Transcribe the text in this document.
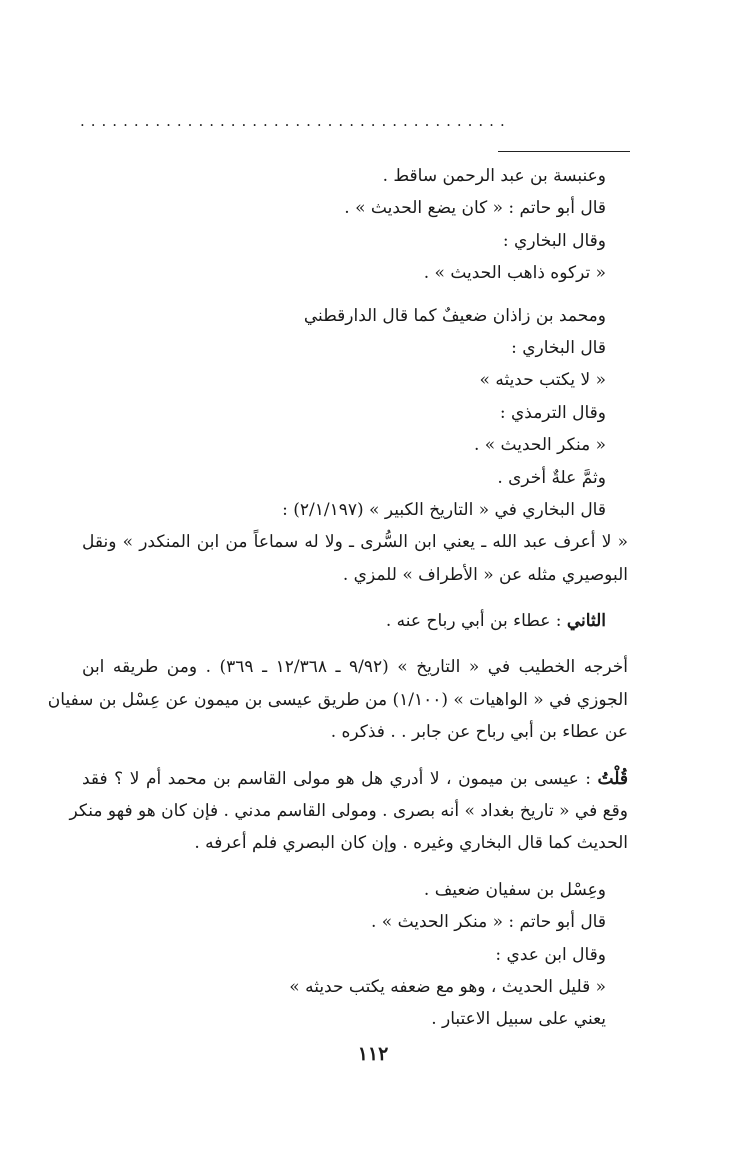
........................................
وعنبسة بن عبد الرحمن ساقط .
قال أبو حاتم : « كان يضع الحديث » .
وقال البخاري :
« تركوه ذاهب الحديث » .
ومحمد بن زاذان ضعيفٌ كما قال الدارقطني
قال البخاري :
« لا يكتب حديثه »
وقال الترمذي :
« منكر الحديث » .
وثمَّ علةٌ أخرى .
قال البخاري في « التاريخ الكبير » (٢/١/١٩٧) :
« لا أعرف عبد الله ـ يعني ابن السُّرى ـ ولا له سماعاً من ابن المنكدر » ونقل
البوصيري مثله عن « الأطراف » للمزي .
الثاني : عطاء بن أبي رباح عنه .
أخرجه الخطيب في « التاريخ » (٩/٩٢ ـ ١٢/٣٦٨ ـ ٣٦٩) . ومن طريقه ابن
الجوزي في « الواهيات » (١/١٠٠) من طريق عيسى بن ميمون عن عِسْل بن سفيان
عن عطاء بن أبي رباح عن جابر . . فذكره .
قُلْتُ : عيسى بن ميمون ، لا أدري هل هو مولى القاسم بن محمد أم لا ؟ فقد
وقع في « تاريخ بغداد » أنه بصرى . ومولى القاسم مدني . فإن كان هو فهو منكر
الحديث كما قال البخاري وغيره . وإن كان البصري فلم أعرفه .
وعِسْل بن سفيان ضعيف .
قال أبو حاتم : « منكر الحديث » .
وقال ابن عدي :
« قليل الحديث ، وهو مع ضعفه يكتب حديثه »
يعني على سبيل الاعتبار .
١١٢
